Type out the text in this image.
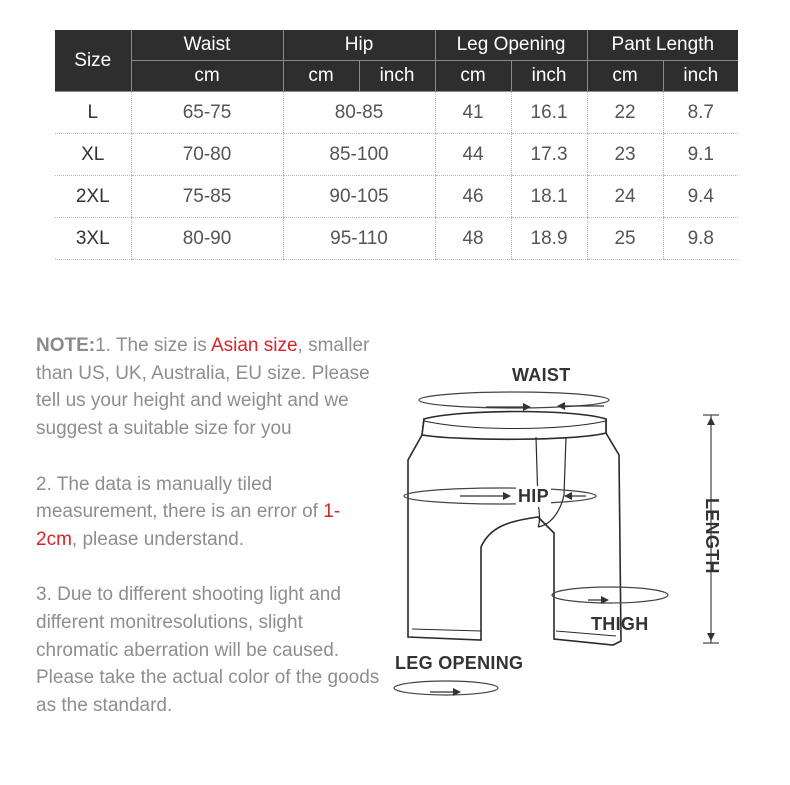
Size	Waist	Hip		Leg Opening		Pant Length	
	cm	cm	inch	cm	inch	cm	inch
L	65-75	80-85		41	16.1	22	8.7
XL	70-80	85-100		44	17.3	23	9.1
2XL	75-85	90-105		46	18.1	24	9.4
3XL	80-90	95-110		48	18.9	25	9.8

NOTE:1. The size is Asian size, smaller than US, UK, Australia, EU size. Please tell us your height and weight and we suggest a suitable size for you

2. The data is manually tiled measurement, there is an error of 1-2cm, please understand.

3. Due to different shooting light and different monitresolutions, slight chromatic aberration will be caused. Please take the actual color of the goods as the standard.

WAIST
HIP
THIGH
LEG OPENING
LENGTH
